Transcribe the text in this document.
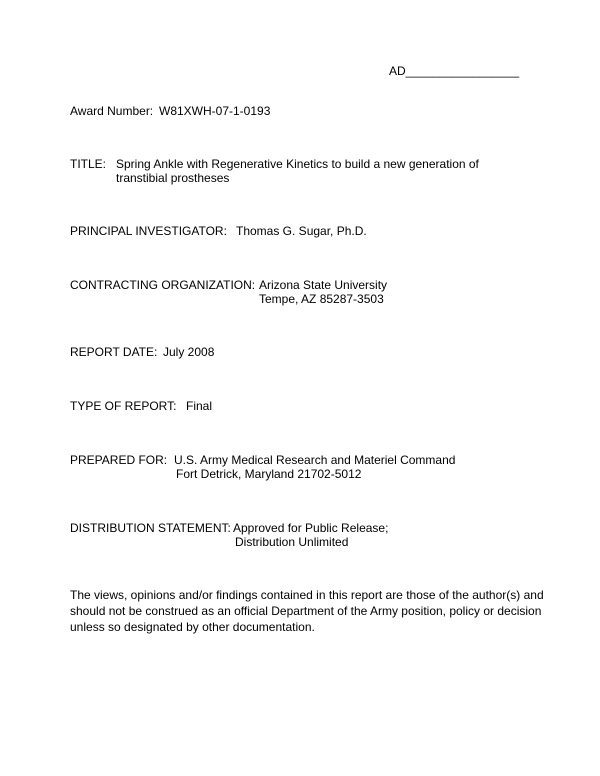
AD_________________
Award Number: W81XWH-07-1-0193
TITLE: Spring Ankle with Regenerative Kinetics to build a new generation of
transtibial prostheses
PRINCIPAL INVESTIGATOR: Thomas G. Sugar, Ph.D.
CONTRACTING ORGANIZATION: Arizona State University
Tempe, AZ 85287-3503
REPORT DATE: July 2008
TYPE OF REPORT: Final
PREPARED FOR: U.S. Army Medical Research and Materiel Command
Fort Detrick, Maryland 21702-5012
DISTRIBUTION STATEMENT: Approved for Public Release;
Distribution Unlimited
The views, opinions and/or findings contained in this report are those of the author(s) and should not be construed as an official Department of the Army position, policy or decision unless so designated by other documentation.
